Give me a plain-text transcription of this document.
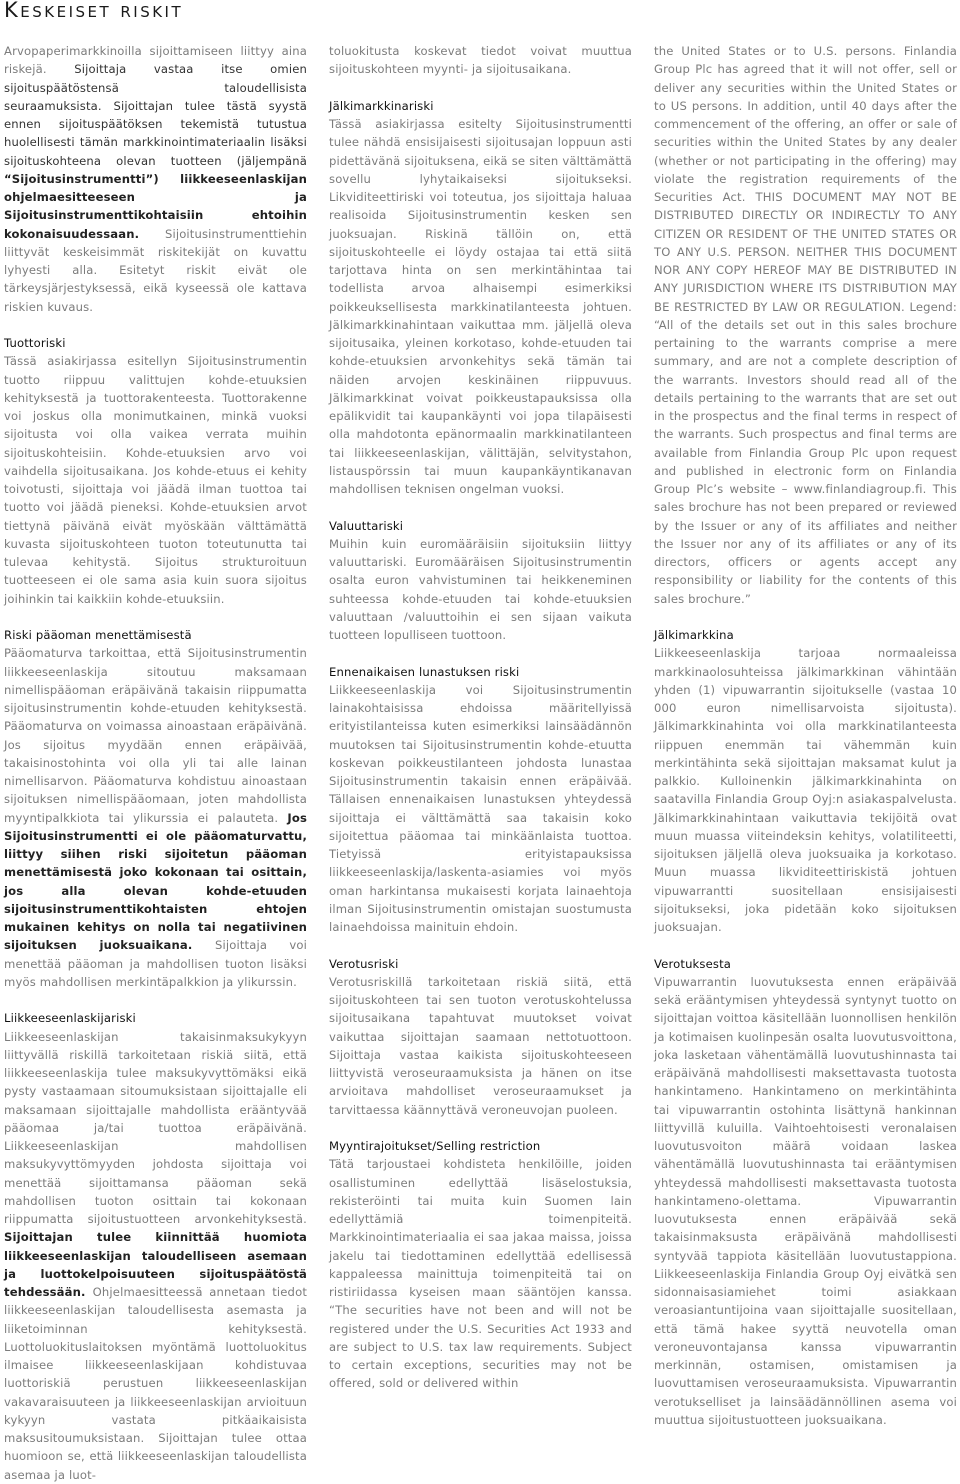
Keskeiset riskit

Arvopaperimarkkinoilla sijoittamiseen liittyy aina riskejä. Sijoittaja vastaa itse omien sijoituspäätöstensä taloudellisista seuraamuksista. Sijoittajan tulee tästä syystä ennen sijoituspäätöksen tekemistä tutustua huolellisesti tämän markkinointimateriaalin lisäksi sijoituskohteena olevan tuotteen (jäljempänä “Sijoitusinstrumentti”) liikkeeseenlaskijan ohjelmaesitteeseen ja Sijoitusinstrumenttikohtaisiin ehtoihin kokonaisuudessaan. Sijoitusinstrumenttiehin liittyvät keskeisimmät riskitekijät on kuvattu lyhyesti alla. Esitetyt riskit eivät ole tärkeysjärjestyksessä, eikä kyseessä ole kattava riskien kuvaus.

Tuottoriski

Tässä asiakirjassa esitellyn Sijoitusinstrumentin tuotto riippuu valittujen kohde-etuuksien kehityksestä ja tuottorakenteesta. Tuottorakenne voi joskus olla monimutkainen, minkä vuoksi sijoitusta voi olla vaikea verrata muihin sijoituskohteisiin. Kohde-etuuksien arvo voi vaihdella sijoitusaikana. Jos kohde-etuus ei kehity toivotusti, sijoittaja voi jäädä ilman tuottoa tai tuotto voi jäädä pieneksi. Kohde-etuuksien arvot tiettynä päivänä eivät myöskään välttämättä kuvasta sijoituskohteen tuoton toteutunutta tai tulevaa kehitystä. Sijoitus strukturoituun tuotteeseen ei ole sama asia kuin suora sijoitus joihinkin tai kaikkiin kohde-etuuksiin.

Riski pääoman menettämisestä

Pääomaturva tarkoittaa, että Sijoitusinstrumentin liikkeeseenlaskija sitoutuu maksamaan nimellispääoman eräpäivänä takaisin riippumatta sijoitusinstrumentin kohde-etuuden kehityksestä. Pääomaturva on voimassa ainoastaan eräpäivänä. Jos sijoitus myydään ennen eräpäivää, takaisinostohinta voi olla yli tai alle lainan nimellisarvon. Pääomaturva kohdistuu ainoastaan sijoituksen nimellispääomaan, joten mahdollista myyntipalkkiota tai ylikurssia ei palauteta. Jos Sijoitusinstrumentti ei ole pääomaturvattu, liittyy siihen riski sijoitetun pääoman menettämisestä joko kokonaan tai osittain, jos alla olevan kohde-etuuden sijoitusinstrumenttikohtaisten ehtojen mukainen kehitys on nolla tai negatiivinen sijoituksen juoksuaikana. Sijoittaja voi menettää pääoman ja mahdollisen tuoton lisäksi myös mahdollisen merkintäpalkkion ja ylikurssin.

Liikkeeseenlaskijariski

Liikkeeseenlaskijan takaisinmaksukykyyn liittyvällä riskillä tarkoitetaan riskiä siitä, että liikkeeseenlaskija tulee maksukyvyttömäksi eikä pysty vastaamaan sitoumuksistaan sijoittajalle eli maksamaan sijoittajalle mahdollista erääntyvää pääomaa ja/tai tuottoa eräpäivänä. Liikkeeseenlaskijan mahdollisen maksukyvyttömyyden johdosta sijoittaja voi menettää sijoittamansa pääoman sekä mahdollisen tuoton osittain tai kokonaan riippumatta sijoitustuotteen arvonkehityksestä. Sijoittajan tulee kiinnittää huomiota liikkeeseenlaskijan taloudelliseen asemaan ja luottokelpoisuuteen sijoituspäätöstä tehdessään. Ohjelmaesitteessä annetaan tiedot liikkeeseenlaskijan taloudellisesta asemasta ja liiketoiminnan kehityksestä. Luottoluokituslaitoksen myöntämä luottoluokitus ilmaisee liikkeeseenlaskijaan kohdistuvaa luottoriskiä perustuen liikkeeseenlaskijan vakavaraisuuteen ja liikkeeseenlaskijan arvioituun kykyyn vastata pitkäaikaisista maksusitoumuksistaan. Sijoittajan tulee ottaa huomioon se, että liikkeeseenlaskijan taloudellista asemaa ja luot-

toluokitusta koskevat tiedot voivat muuttua sijoituskohteen myynti- ja sijoitusaikana.

Jälkimarkkinariski

Tässä asiakirjassa esitelty Sijoitusinstrumentti tulee nähdä ensisijaisesti sijoitusajan loppuun asti pidettävänä sijoituksena, eikä se siten välttämättä sovellu lyhytaikaiseksi sijoitukseksi. Likviditeettiriski voi toteutua, jos sijoittaja haluaa realisoida Sijoitusinstrumentin kesken sen juoksuajan. Riskinä tällöin on, että sijoituskohteelle ei löydy ostajaa tai että siitä tarjottava hinta on sen merkintähintaa tai todellista arvoa alhaisempi esimerkiksi poikkeuksellisesta markkinatilanteesta johtuen. Jälkimarkkinahintaan vaikuttaa mm. jäljellä oleva sijoitusaika, yleinen korkotaso, kohde-etuuden tai kohde-etuuksien arvonkehitys sekä tämän tai näiden arvojen keskinäinen riippuvuus. Jälkimarkkinat voivat poikkeustapauksissa olla epälikvidit tai kaupankäynti voi jopa tilapäisesti olla mahdotonta epänormaalin markkinatilanteen tai liikkeeseenlaskijan, välittäjän, selvitystahon, listauspörssin tai muun kaupankäyntikanavan mahdollisen teknisen ongelman vuoksi.

Valuuttariski

Muihin kuin euromääräisiin sijoituksiin liittyy valuuttariski. Euromääräisen Sijoitusinstrumentin osalta euron vahvistuminen tai heikkeneminen suhteessa kohde-etuuden tai kohde-etuuksien valuuttaan /valuuttoihin ei sen sijaan vaikuta tuotteen lopulliseen tuottoon.

Ennenaikaisen lunastuksen riski

Liikkeeseenlaskija voi Sijoitusinstrumentin lainakohtaisissa ehdoissa määritellyissä erityistilanteissa kuten esimerkiksi lainsäädännön muutoksen tai Sijoitusinstrumentin kohde-etuutta koskevan poikkeustilanteen johdosta lunastaa Sijoitusinstrumentin takaisin ennen eräpäivää. Tällaisen ennenaikaisen lunastuksen yhteydessä sijoittaja ei välttämättä saa takaisin koko sijoitettua pääomaa tai minkäänlaista tuottoa. Tietyissä erityistapauksissa liikkeeseenlaskija/laskenta-asiamies voi myös oman harkintansa mukaisesti korjata lainaehtoja ilman Sijoitusinstrumentin omistajan suostumusta lainaehdoissa mainituin ehdoin.

Verotusriski

Verotusriskillä tarkoitetaan riskiä siitä, että sijoituskohteen tai sen tuoton verotuskohtelussa sijoitusaikana tapahtuvat muutokset voivat vaikuttaa sijoittajan saamaan nettotuottoon. Sijoittaja vastaa kaikista sijoituskohteeseen liittyvistä veroseuraamuksista ja hänen on itse arvioitava mahdolliset veroseuraamukset ja tarvittaessa käännyttävä veroneuvojan puoleen.

Myyntirajoitukset/Selling restriction

Tätä tarjoustaei kohdisteta henkilöille, joiden osallistuminen edellyttää lisäselostuksia, rekisteröinti tai muita kuin Suomen lain edellyttämiä toimenpiteitä. Markkinointimateriaalia ei saa jakaa maissa, joissa jakelu tai tiedottaminen edellyttää edellisessä kappaleessa mainittuja toimenpiteitä tai on ristiriidassa kyseisen maan sääntöjen kanssa. “The securities have not been and will not be registered under the U.S. Securities Act 1933 and are subject to U.S. tax law requirements. Subject to certain exceptions, securities may not be offered, sold or delivered within

the United States or to U.S. persons. Finlandia Group Plc has agreed that it will not offer, sell or deliver any securities within the United States or to US persons. In addition, until 40 days after the commencement of the offering, an offer or sale of securities within the United States by any dealer (whether or not participating in the offering) may violate the registration requirements of the Securities Act. THIS DOCUMENT MAY NOT BE DISTRIBUTED DIRECTLY OR INDIRECTLY TO ANY CITIZEN OR RESIDENT OF THE UNITED STATES OR TO ANY U.S. PERSON. NEITHER THIS DOCUMENT NOR ANY COPY HEREOF MAY BE DISTRIBUTED IN ANY JURISDICTION WHERE ITS DISTRIBUTION MAY BE RESTRICTED BY LAW OR REGULATION. Legend: “All of the details set out in this sales brochure pertaining to the warrants comprise a mere summary, and are not a complete description of the warrants. Investors should read all of the details pertaining to the warrants that are set out in the prospectus and the final terms in respect of the warrants. Such prospectus and final terms are available from Finlandia Group Plc upon request and published in electronic form on Finlandia Group Plc’s website – www.finlandiagroup.fi. This sales brochure has not been prepared or reviewed by the Issuer or any of its affiliates and neither the Issuer nor any of its affiliates or any of its directors, officers or agents accept any responsibility or liability for the contents of this sales brochure.”

Jälkimarkkina

Liikkeeseenlaskija tarjoaa normaaleissa markkinaolosuhteissa jälkimarkkinan vähintään yhden (1) vipuwarrantin sijoitukselle (vastaa 10 000 euron nimellisarvoista sijoitusta). Jälkimarkkinahinta voi olla markkinatilanteesta riippuen enemmän tai vähemmän kuin merkintähinta sekä sijoittajan maksamat kulut ja palkkio. Kulloinenkin jälkimarkkinahinta on saatavilla Finlandia Group Oyj:n asiakaspalvelusta. Jälkimarkkinahintaan vaikuttavia tekijöitä ovat muun muassa viiteindeksin kehitys, volatiliteetti, sijoituksen jäljellä oleva juoksuaika ja korkotaso. Muun muassa likviditeettiriskistä johtuen vipuwarrantti suositellaan ensisijaisesti sijoitukseksi, joka pidetään koko sijoituksen juoksuajan.

Verotuksesta

Vipuwarrantin luovutuksesta ennen eräpäivää sekä erääntymisen yhteydessä syntynyt tuotto on sijoittajan voittoa käsitellään luonnollisen henkilön ja kotimaisen kuolinpesän osalta luovutusvoittona, joka lasketaan vähentämällä luovutushinnasta tai eräpäivänä mahdollisesti maksettavasta tuotosta hankintameno. Hankintameno on merkintähinta tai vipuwarrantin ostohinta lisättynä hankinnan liittyvillä kuluilla. Vaihtoehtoisesti veronalaisen luovutusvoiton määrä voidaan laskea vähentämällä luovutushinnasta tai erääntymisen yhteydessä mahdollisesti maksettavasta tuotosta hankintameno-olettama. Vipuwarrantin luovutuksesta ennen eräpäivää sekä takaisinmaksusta eräpäivänä mahdollisesti syntyvää tappiota käsitellään luovutustappiona. Liikkeeseenlaskija Finlandia Group Oyj eivätkä sen sidonnaisasiamiehet toimi asiakkaan veroasiantuntijoina vaan sijoittajalle suositellaan, että tämä hakee syyttä neuvotella oman veroneuvontajansa kanssa vipuwarrantin merkinnän, ostamisen, omistamisen ja luovuttamisen veroseuraamuksista. Vipuwarrantin verotukselliset ja lainsäädännöllinen asema voi muuttua sijoitustuotteen juoksuaikana.
